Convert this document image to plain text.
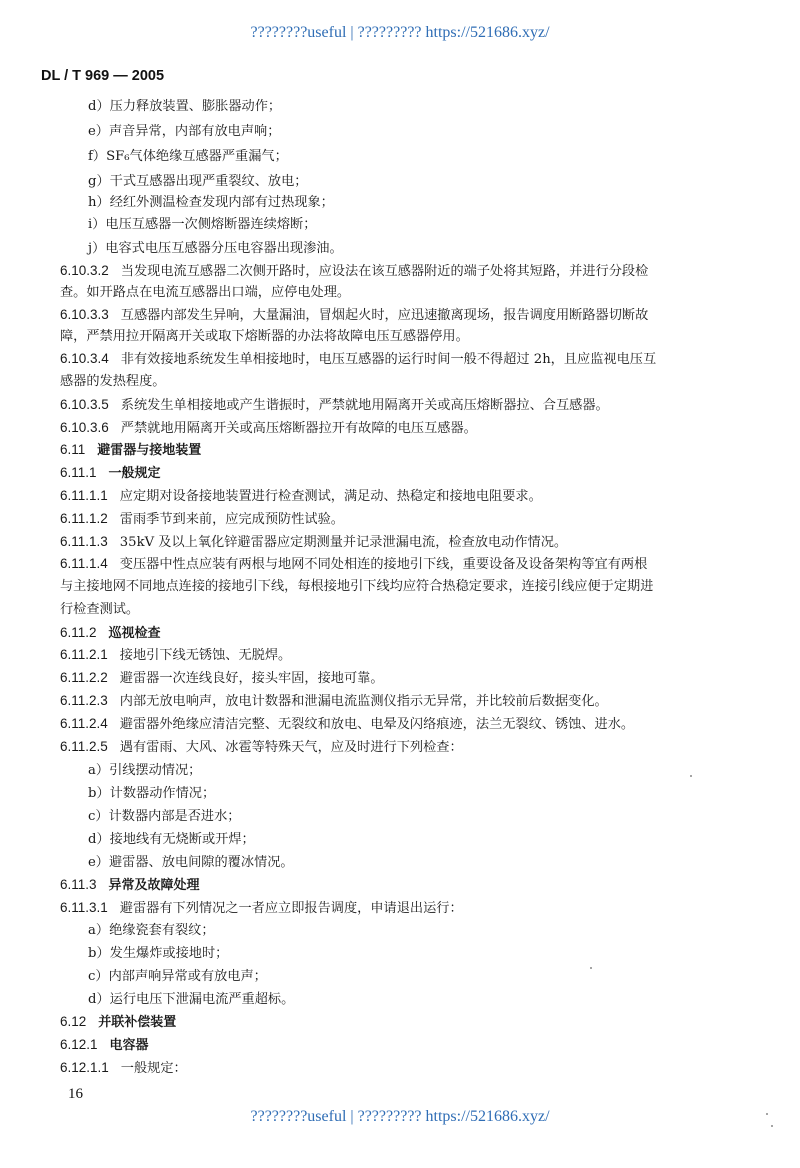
????????useful | ????????? https://521686.xyz/
DL / T 969 — 2005
d）压力释放装置、膨胀器动作；
e）声音异常，内部有放电声响；
f）SF₆气体绝缘互感器严重漏气；
g）干式互感器出现严重裂纹、放电；
h）经红外测温检查发现内部有过热现象；
i）电压互感器一次侧熔断器连续熔断；
j）电容式电压互感器分压电容器出现渗油。
6.10.3.2 当发现电流互感器二次侧开路时，应设法在该互感器附近的端子处将其短路，并进行分段检
查。如开路点在电流互感器出口端，应停电处理。
6.10.3.3 互感器内部发生异响，大量漏油，冒烟起火时，应迅速撤离现场，报告调度用断路器切断故
障，严禁用拉开隔离开关或取下熔断器的办法将故障电压互感器停用。
6.10.3.4 非有效接地系统发生单相接地时，电压互感器的运行时间一般不得超过 2h，且应监视电压互
感器的发热程度。
6.10.3.5 系统发生单相接地或产生谐振时，严禁就地用隔离开关或高压熔断器拉、合互感器。
6.10.3.6 严禁就地用隔离开关或高压熔断器拉开有故障的电压互感器。
6.11 避雷器与接地装置
6.11.1 一般规定
6.11.1.1 应定期对设备接地装置进行检查测试，满足动、热稳定和接地电阻要求。
6.11.1.2 雷雨季节到来前，应完成预防性试验。
6.11.1.3 35kV 及以上氧化锌避雷器应定期测量并记录泄漏电流，检查放电动作情况。
6.11.1.4 变压器中性点应装有两根与地网不同处相连的接地引下线，重要设备及设备架构等宜有两根
与主接地网不同地点连接的接地引下线，每根接地引下线均应符合热稳定要求，连接引线应便于定期进
行检查测试。
6.11.2 巡视检查
6.11.2.1 接地引下线无锈蚀、无脱焊。
6.11.2.2 避雷器一次连线良好，接头牢固，接地可靠。
6.11.2.3 内部无放电响声，放电计数器和泄漏电流监测仪指示无异常，并比较前后数据变化。
6.11.2.4 避雷器外绝缘应清洁完整、无裂纹和放电、电晕及闪络痕迹，法兰无裂纹、锈蚀、进水。
6.11.2.5 遇有雷雨、大风、冰雹等特殊天气，应及时进行下列检查：
a）引线摆动情况；
b）计数器动作情况；
c）计数器内部是否进水；
d）接地线有无烧断或开焊；
e）避雷器、放电间隙的覆冰情况。
6.11.3 异常及故障处理
6.11.3.1 避雷器有下列情况之一者应立即报告调度，申请退出运行：
a）绝缘瓷套有裂纹；
b）发生爆炸或接地时；
c）内部声响异常或有放电声；
d）运行电压下泄漏电流严重超标。
6.12 并联补偿装置
6.12.1 电容器
6.12.1.1 一般规定：
16
????????useful | ????????? https://521686.xyz/
